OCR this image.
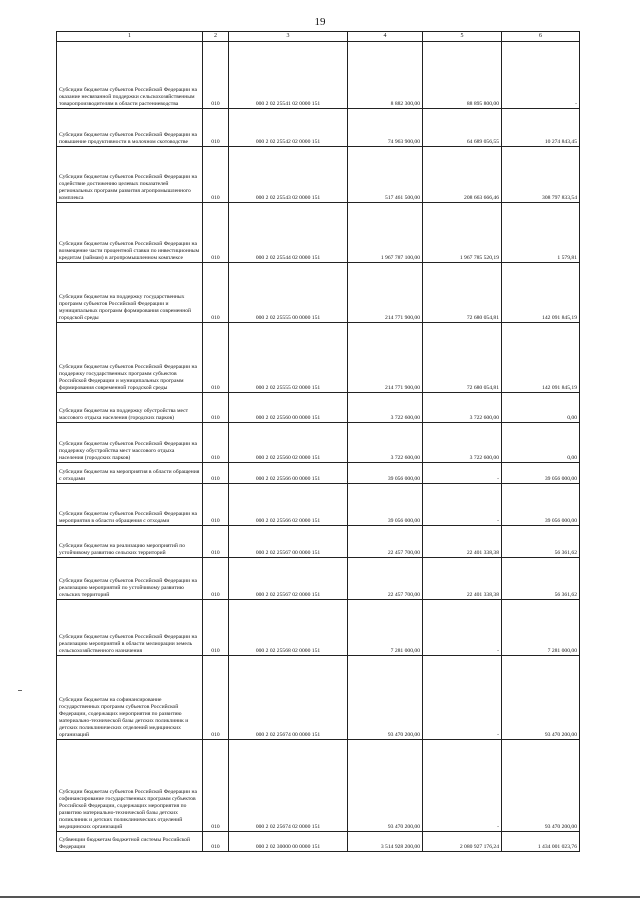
19
1	2	3	4	5	6
Субсидии бюджетам субъектов Российской Федерации на оказание несвязанной поддержки сельскохозяйственным товаропроизводителям в области растениеводства	010	000 2 02 25541 02 0000 151	8 882 300,00	88 895 800,00	-
Субсидии бюджетам субъектов Российской Федерации на повышение продуктивности в молочном скотоводстве	010	000 2 02 25542 02 0000 151	74 963 900,00	64 689 056,55	10 274 843,45
Субсидии бюджетам субъектов Российской Федерации на содействие достижению целевых показателей региональных программ развития агропромышленного комплекса	010	000 2 02 25543 02 0000 151	517 461 500,00	208 663 666,46	308 797 833,54
Субсидии бюджетам субъектов Российской Федерации на возмещение части процентной ставки по инвестиционным кредитам (займам) в агропромышленном комплексе	010	000 2 02 25544 02 0000 151	1 967 787 100,00	1 967 785 520,19	1 579,81
Субсидии бюджетам на поддержку государственных программ субъектов Российской Федерации и муниципальных программ формирования современной городской среды	010	000 2 02 25555 00 0000 151	214 771 900,00	72 680 054,81	142 091 845,19
Субсидии бюджетам субъектов Российской Федерации на поддержку государственных программ субъектов Российской Федерации и муниципальных программ формирования современной городской среды	010	000 2 02 25555 02 0000 151	214 771 900,00	72 680 054,81	142 091 845,19
Субсидии бюджетам на поддержку обустройства мест массового отдыха населения (городских парков)	010	000 2 02 25560 00 0000 151	3 722 600,00	3 722 600,00	0,00
Субсидии бюджетам субъектов Российской Федерации на поддержку обустройства мест массового отдыха населения (городских парков)	010	000 2 02 25560 02 0000 151	3 722 600,00	3 722 600,00	0,00
Субсидии бюджетам на мероприятия в области обращения с отходами	010	000 2 02 25566 00 0000 151	39 056 000,00	-	39 056 000,00
Субсидии бюджетам субъектов Российской Федерации на мероприятия в области обращения с отходами	010	000 2 02 25566 02 0000 151	39 056 000,00	-	39 056 000,00
Субсидии бюджетам на реализацию мероприятий по устойчивому развитию сельских территорий	010	000 2 02 25567 00 0000 151	22 457 700,00	22 401 338,38	56 361,62
Субсидии бюджетам субъектов Российской Федерации на реализацию мероприятий по устойчивому развитию сельских территорий	010	000 2 02 25567 02 0000 151	22 457 700,00	22 401 338,38	56 361,62
Субсидии бюджетам субъектов Российской Федерации на реализацию мероприятий в области мелиорации земель сельскохозяйственного назначения	010	000 2 02 25568 02 0000 151	7 281 000,00	-	7 281 000,00
Субсидии бюджетам на софинансирование государственных программ субъектов Российской Федерации, содержащих мероприятия по развитию материально-технической базы детских поликлиник и детских поликлинических отделений медицинских организаций	010	000 2 02 25674 00 0000 151	93 470 200,00	-	93 470 200,00
Субсидии бюджетам субъектов Российской Федерации на софинансирование государственных программ субъектов Российской Федерации, содержащих мероприятия по развитию материально-технической базы детских поликлиник и детских поликлинических отделений медицинских организаций	010	000 2 02 25674 02 0000 151	93 470 200,00	-	93 470 200,00
Субвенции бюджетам бюджетной системы Российской Федерации	010	000 2 02 30000 00 0000 151	3 514 928 200,00	2 080 927 176,24	1 434 001 023,76
